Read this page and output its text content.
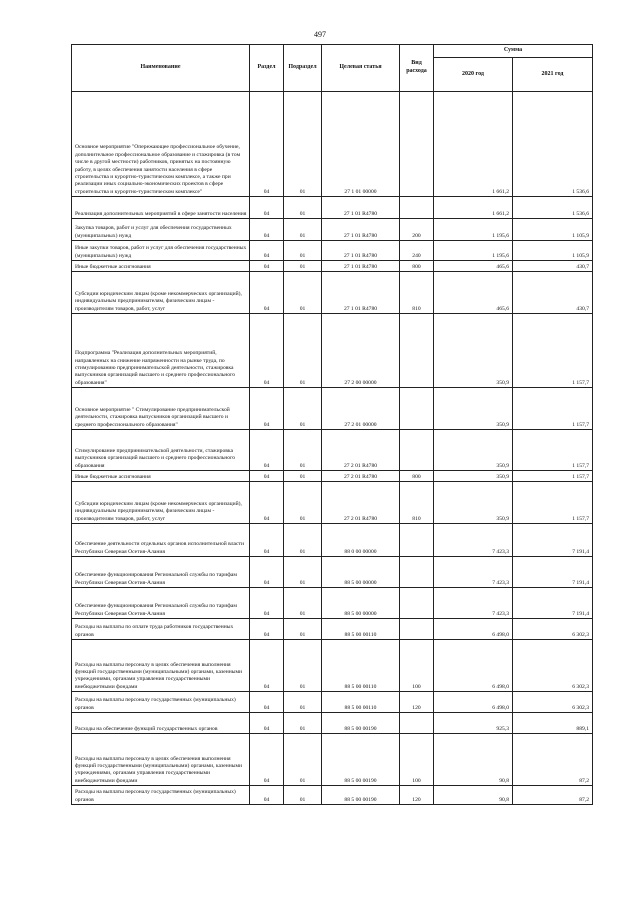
497
Наименование	Раздел	Подраздел	Целевая статья	Вид расхода	Сумма	
					2020 год	2021 год
Основное мероприятие "Опережающее профессиональное обучение, дополнительное профессиональное образование и стажировка (в том числе в другой местности) работников, принятых на постоянную работу, в целях обеспечения занятости населения в сфере строительства и курортно-туристическом комплексе, а также при реализации иных социально-экономических проектов в сфере строительства и курортно-туристическом комплексе"	04	01	27 1 01 00000		1 661,2	1 536,6
Реализация дополнительных мероприятий в сфере занятости населения	04	01	27 1 01 R4780		1 661,2	1 536,6
Закупка товаров, работ и услуг для обеспечения государственных (муниципальных) нужд	04	01	27 1 01 R4780	200	1 195,6	1 105,9
Иные закупки товаров, работ и услуг для обеспечения государственных (муниципальных) нужд	04	01	27 1 01 R4780	240	1 195,6	1 105,9
Иные бюджетные ассигнования	04	01	27 1 01 R4780	800	465,6	430,7
Субсидии юридическим лицам (кроме некоммерческих организаций), индивидуальным предпринимателям, физическим лицам - производителям товаров, работ, услуг	04	01	27 1 01 R4780	810	465,6	430,7
Подпрограмма "Реализация дополнительных мероприятий, направленных на снижение напряженности на рынке труда, по стимулированию предпринимательской деятельности, стажировка выпускников организаций высшего и среднего профессионального образования"	04	01	27 2 00 00000		350,9	1 157,7
Основное мероприятие " Стимулирование предпринимательской деятельности, стажировка выпускников организаций высшего и среднего профессионального образования"	04	01	27 2 01 00000		350,9	1 157,7
Стимулирование предпринимательской деятельности, стажировка выпускников организаций высшего и среднего профессионального образования	04	01	27 2 01 R4780		350,9	1 157,7
Иные бюджетные ассигнования	04	01	27 2 01 R4780	800	350,9	1 157,7
Субсидии юридическим лицам (кроме некоммерческих организаций), индивидуальным предпринимателям, физическим лицам - производителям товаров, работ, услуг	04	01	27 2 01 R4780	810	350,9	1 157,7
Обеспечение деятельности отдельных органов исполнительной власти Республики Северная Осетия-Алания	04	01	88 0 00 00000		7 423,3	7 191,4
Обеспечение функционирования Региональной службы по тарифам Республики Северная Осетия-Алания	04	01	88 5 00 00000		7 423,3	7 191,4
Обеспечение функционирования Региональной службы по тарифам Республики Северная Осетия-Алания	04	01	88 5 00 00000		7 423,3	7 191,4
Расходы на выплаты по оплате труда работников государственных органов	04	01	88 5 00 00110		6 498,0	6 302,3
Расходы на выплаты персоналу в целях обеспечения выполнения функций государственными (муниципальными) органами, казенными учреждениями, органами управления государственными внебюджетными фондами	04	01	88 5 00 00110	100	6 498,0	6 302,3
Расходы на выплаты персоналу государственных (муниципальных) органов	04	01	88 5 00 00110	120	6 498,0	6 302,3
Расходы на обеспечение функций государственных органов	04	01	88 5 00 00190		925,3	889,1
Расходы на выплаты персоналу в целях обеспечения выполнения функций государственными (муниципальными) органами, казенными учреждениями, органами управления государственными внебюджетными фондами	04	01	88 5 00 00190	100	90,8	87,2
Расходы на выплаты персоналу государственных (муниципальных) органов	04	01	88 5 00 00190	120	90,8	87,2
